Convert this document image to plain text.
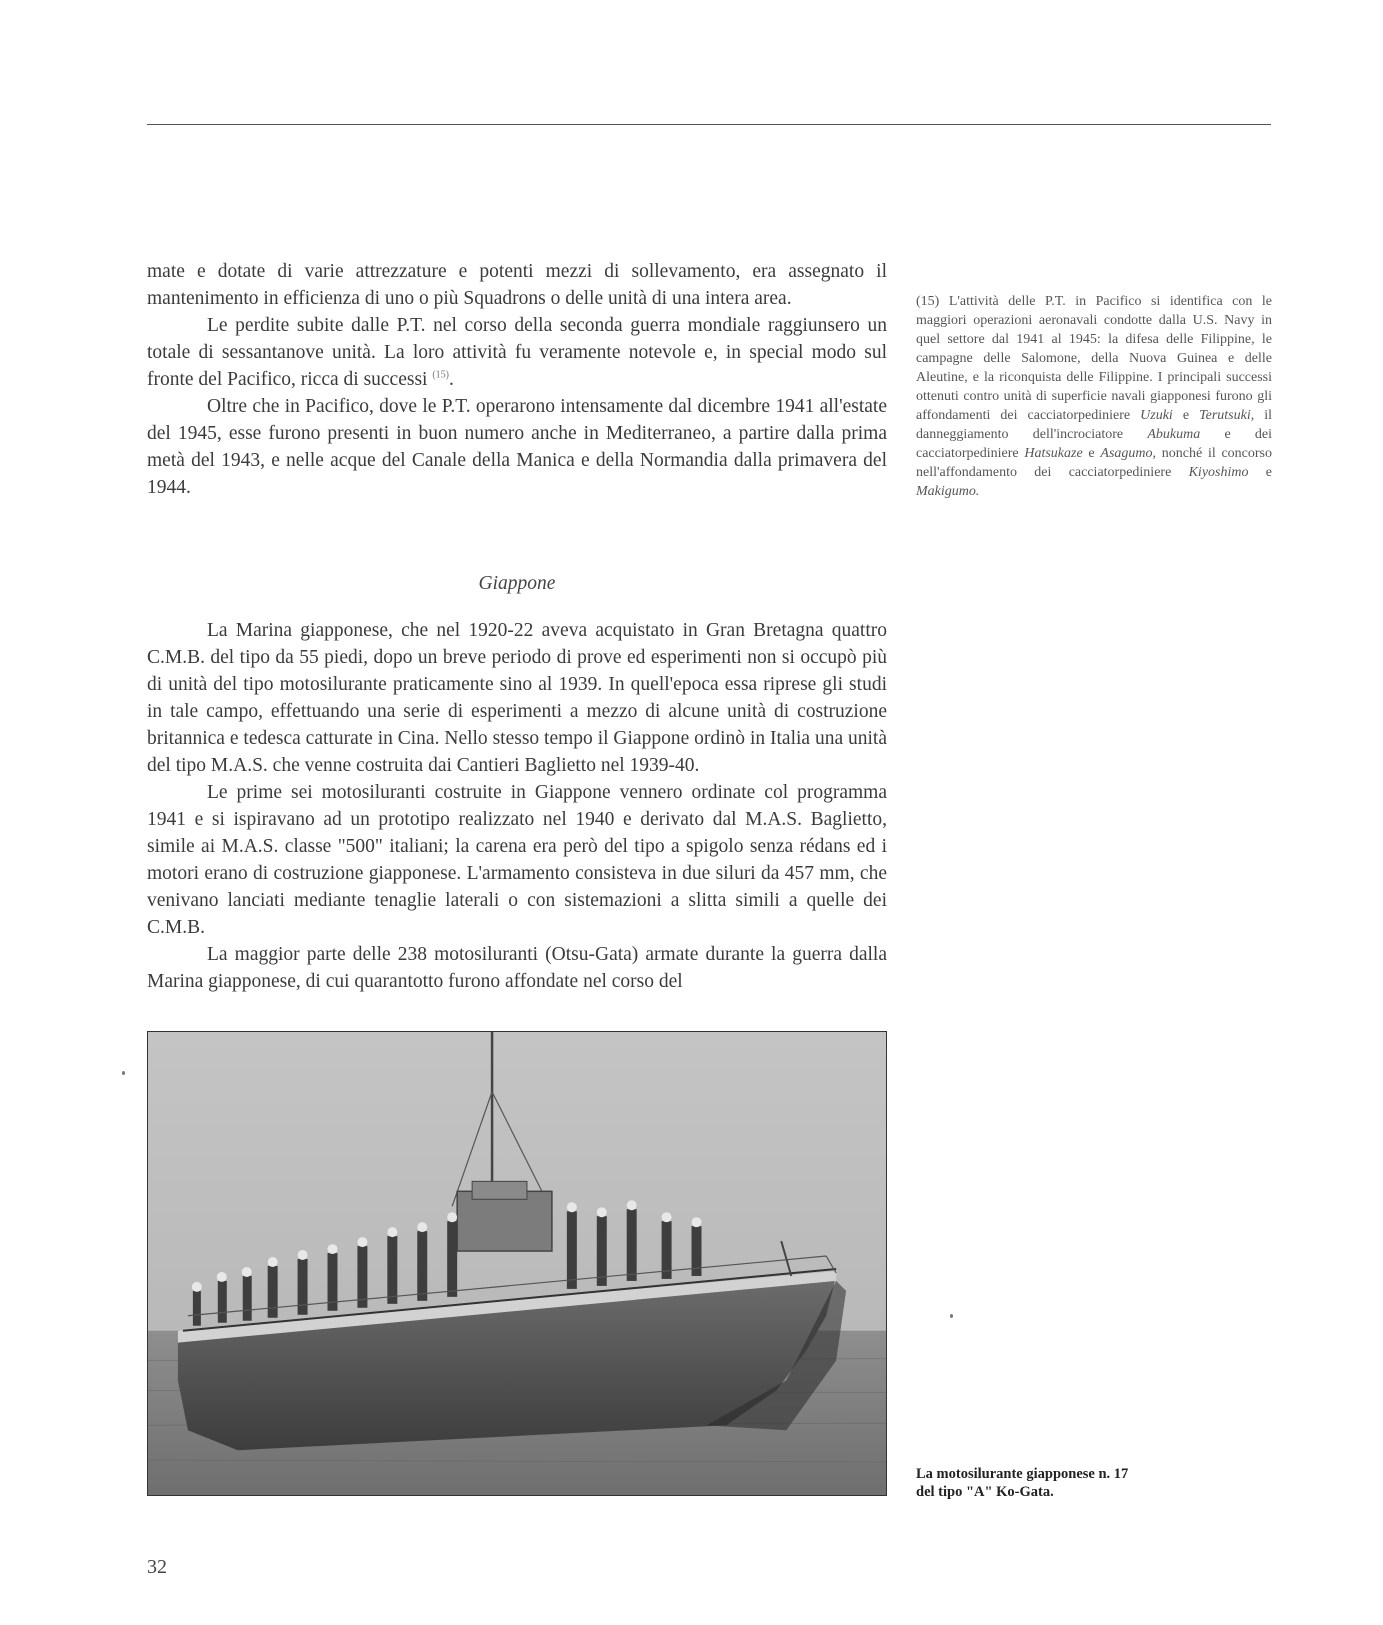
mate e dotate di varie attrezzature e potenti mezzi di sollevamento, era assegnato il mantenimento in efficienza di uno o più Squadrons o delle unità di una intera area.

Le perdite subite dalle P.T. nel corso della seconda guerra mondiale raggiunsero un totale di sessantanove unità. La loro attività fu veramente notevole e, in special modo sul fronte del Pacifico, ricca di successi $^{(15)}$.

Oltre che in Pacifico, dove le P.T. operarono intensamente dal dicembre 1941 all'estate del 1945, esse furono presenti in buon numero anche in Mediterraneo, a partire dalla prima metà del 1943, e nelle acque del Canale della Manica e della Normandia dalla primavera del 1944.

(15) L'attività delle P.T. in Pacifico si identifica con le maggiori operazioni aeronavali condotte dalla U.S. Navy in quel settore dal 1941 al 1945: la difesa delle Filippine, le campagne delle Salomone, della Nuova Guinea e delle Aleutine, e la riconquista delle Filippine. I principali successi ottenuti contro unità di superficie navali giapponesi furono gli affondamenti dei cacciatorpediniere Uzuki e Terutsuki, il danneggiamento dell'incrociatore Abukuma e dei cacciatorpediniere Hatsukaze e Asagumo, nonché il concorso nell'affondamento dei cacciatorpediniere Kiyoshimo e Makigumo.
Giappone

La Marina giapponese, che nel 1920-22 aveva acquistato in Gran Bretagna quattro C.M.B. del tipo da 55 piedi, dopo un breve periodo di prove ed esperimenti non si occupò più di unità del tipo motosilurante praticamente sino al 1939. In quell'epoca essa riprese gli studi in tale campo, effettuando una serie di esperimenti a mezzo di alcune unità di costruzione britannica e tedesca catturate in Cina. Nello stesso tempo il Giappone ordinò in Italia una unità del tipo M.A.S. che venne costruita dai Cantieri Baglietto nel 1939-40.

Le prime sei motosiluranti costruite in Giappone vennero ordinate col programma 1941 e si ispiravano ad un prototipo realizzato nel 1940 e derivato dal M.A.S. Baglietto, simile ai M.A.S. classe "500" italiani; la carena era però del tipo a spigolo senza rédans ed i motori erano di costruzione giapponese. L'armamento consisteva in due siluri da 457 mm, che venivano lanciati mediante tenaglie laterali o con sistemazioni a slitta simili a quelle dei C.M.B.

La maggior parte delle 238 motosiluranti (Otsu-Gata) armate durante la guerra dalla Marina giapponese, di cui quarantotto furono affondate nel corso del

La motosilurante giapponese n. 17
del tipo "A" Ko-Gata.
32
